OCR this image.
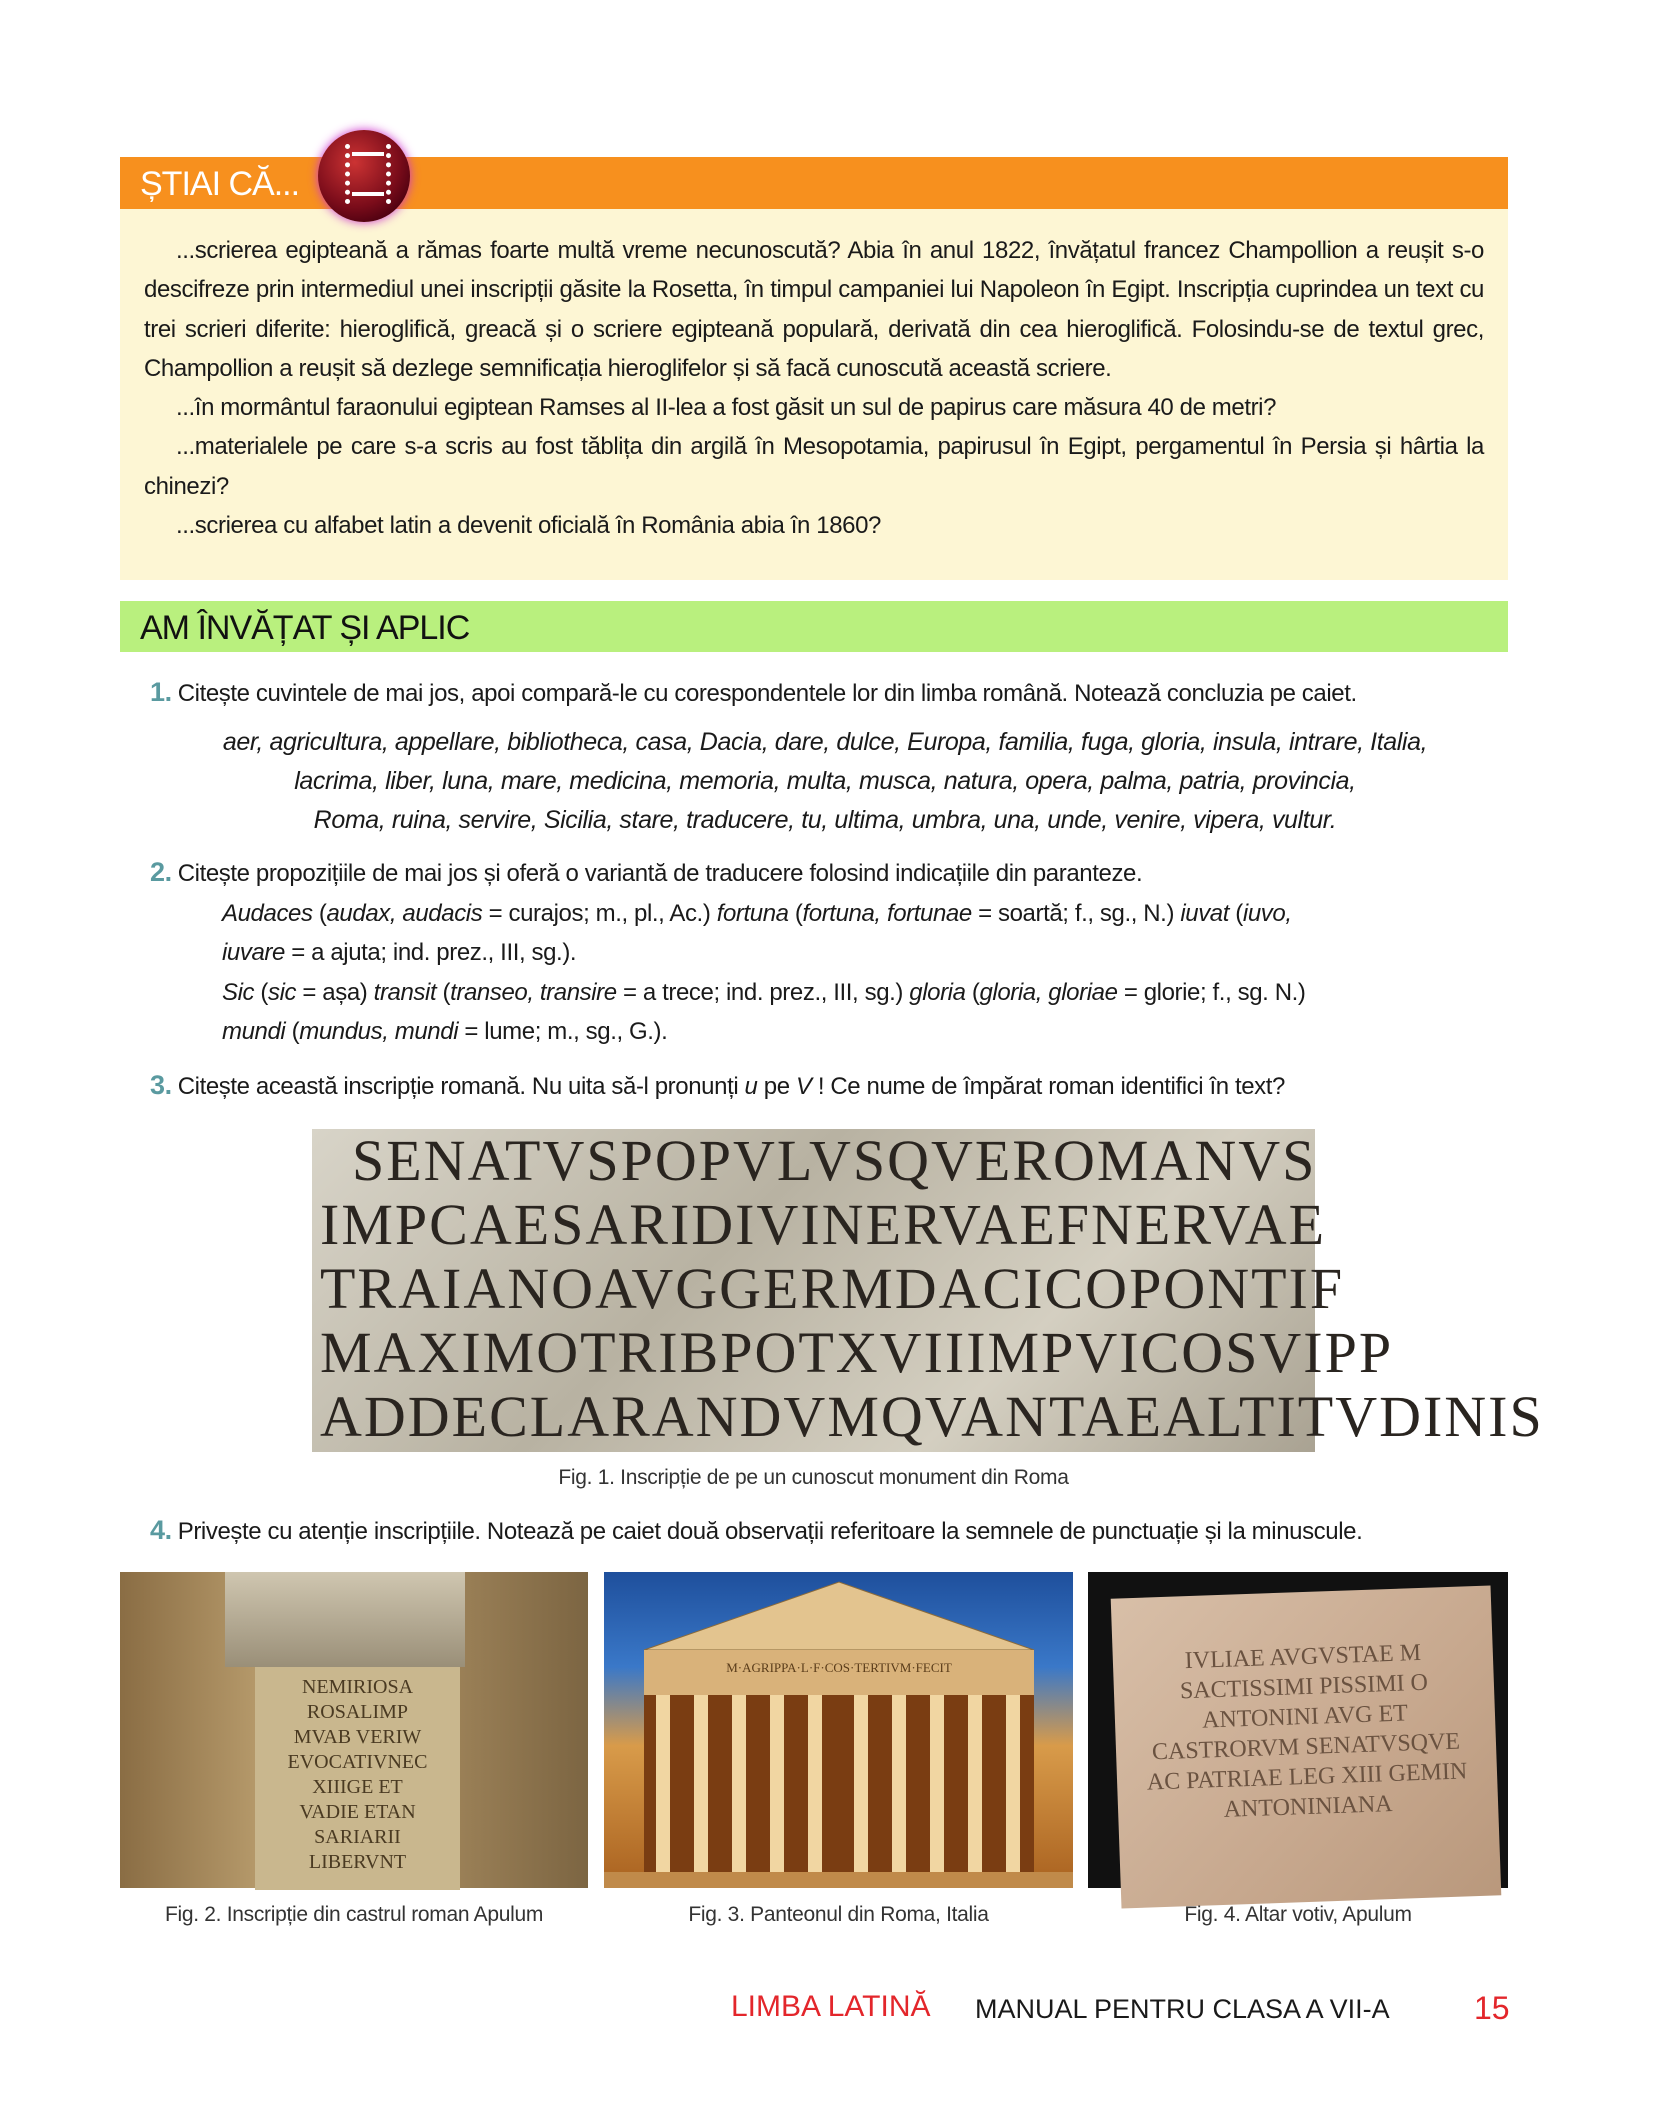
...scrierea egipteană a rămas foarte multă vreme necunoscută? Abia în anul 1822, învățatul francez Champollion a reușit s-o descifreze prin intermediul unei inscripții găsite la Rosetta, în timpul campaniei lui Napoleon în Egipt. Inscripția cuprindea un text cu trei scrieri diferite: hieroglifică, greacă și o scriere egipteană populară, derivată din cea hieroglifică. Folosindu-se de textul grec, Champollion a reușit să dezlege semnificația hieroglifelor și să facă cunoscută această scriere.

...în mormântul faraonului egiptean Ramses al II-lea a fost găsit un sul de papirus care măsura 40 de metri?

...materialele pe care s-a scris au fost tăblița din argilă în Mesopotamia, papirusul în Egipt, pergamentul în Persia și hârtia la chinezi?

...scrierea cu alfabet latin a devenit oficială în România abia în 1860?

ȘTIAI CĂ...
AM ÎNVĂȚAT ȘI APLIC
1. Citește cuvintele de mai jos, apoi compară-le cu corespondentele lor din limba română. Notează concluzia pe caiet.
aer, agricultura, appellare, bibliotheca, casa, Dacia, dare, dulce, Europa, familia, fuga, gloria, insula, intrare, Italia,
lacrima, liber, luna, mare, medicina, memoria, multa, musca, natura, opera, palma, patria, provincia,
Roma, ruina, servire, Sicilia, stare, traducere, tu, ultima, umbra, una, unde, venire, vipera, vultur.
2. Citește propozițiile de mai jos și oferă o variantă de traducere folosind indicațiile din paranteze.
Audaces (audax, audacis = curajos; m., pl., Ac.) fortuna (fortuna, fortunae = soartă; f., sg., N.) iuvat (iuvo,
iuvare = a ajuta; ind. prez., III, sg.).
Sic (sic = așa) transit (transeo, transire = a trece; ind. prez., III, sg.) gloria (gloria, gloriae = glorie; f., sg. N.)
mundi (mundus, mundi = lume; m., sg., G.).
3. Citește această inscripție romană. Nu uita să-l pronunți u pe V ! Ce nume de împărat roman identifici în text?
SENATVSPOPVLVSQVEROMANVS
IMPCAESARIDIVINERVAEFNERVAE
TRAIANOAVGGERMDACICOPONTIF
MAXIMOTRIBPOTXVIIIMPVICOSVIPP
ADDECLARANDVMQVANTAEALTITVDINIS
Fig. 1. Inscripție de pe un cunoscut monument din Roma
4. Privește cu atenție inscripțiile. Notează pe caiet două observații referitoare la semnele de punctuație și la minuscule.
NEMIRIOSA
ROSALIMP
MVAB VERIW
EVOCATIVNEC
XIIIGE ET
VADIE ETAN
SARIARII
LIBERVNT
M·AGRIPPA·L·F·COS·TERTIVM·FECIT	IVLIAE AVGVSTAE M
SACTISSIMI PISSIMI O
ANTONINI AVG ET
CASTRORVM SENATVSQVE
AC PATRIAE LEG XIII GEMIN
ANTONINIANA
Fig. 2. Inscripție din castrul roman Apulum	Fig. 3. Panteonul din Roma, Italia	Fig. 4. Altar votiv, Apulum
LIMBA LATINĂ MANUAL PENTRU CLASA A VII-A	15
